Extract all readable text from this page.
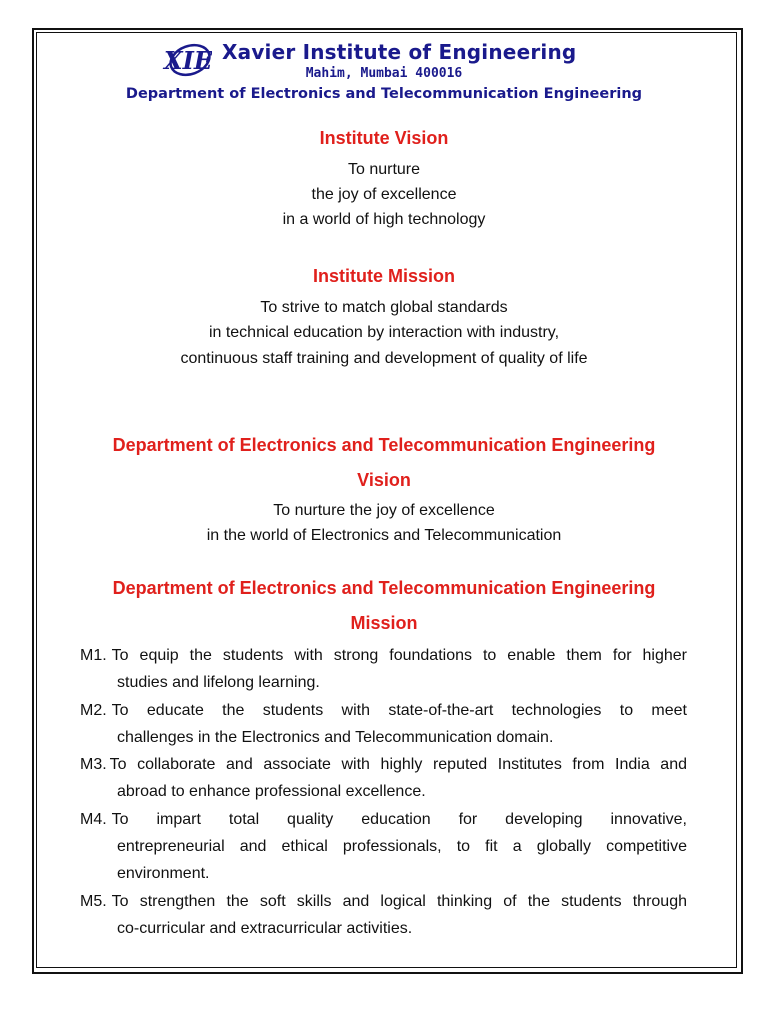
XIE Xavier Institute of Engineering
Mahim, Mumbai 400016
Department of Electronics and Telecommunication Engineering
Institute Vision
To nurture
the joy of excellence
in a world of high technology
Institute Mission
To strive to match global standards
in technical education by interaction with industry,
continuous staff training and development of quality of life
Department of Electronics and Telecommunication Engineering
Vision
To nurture the joy of excellence
in the world of Electronics and Telecommunication
Department of Electronics and Telecommunication Engineering
Mission
M1. To equip the students with strong foundations to enable them for higher
studies and lifelong learning.
M2. To educate the students with state-of-the-art technologies to meet
challenges in the Electronics and Telecommunication domain.
M3. To collaborate and associate with highly reputed Institutes from India and
abroad to enhance professional excellence.
M4. To impart total quality education for developing innovative,
entrepreneurial and ethical professionals, to fit a globally competitive
environment.
M5. To strengthen the soft skills and logical thinking of the students through
co-curricular and extracurricular activities.
